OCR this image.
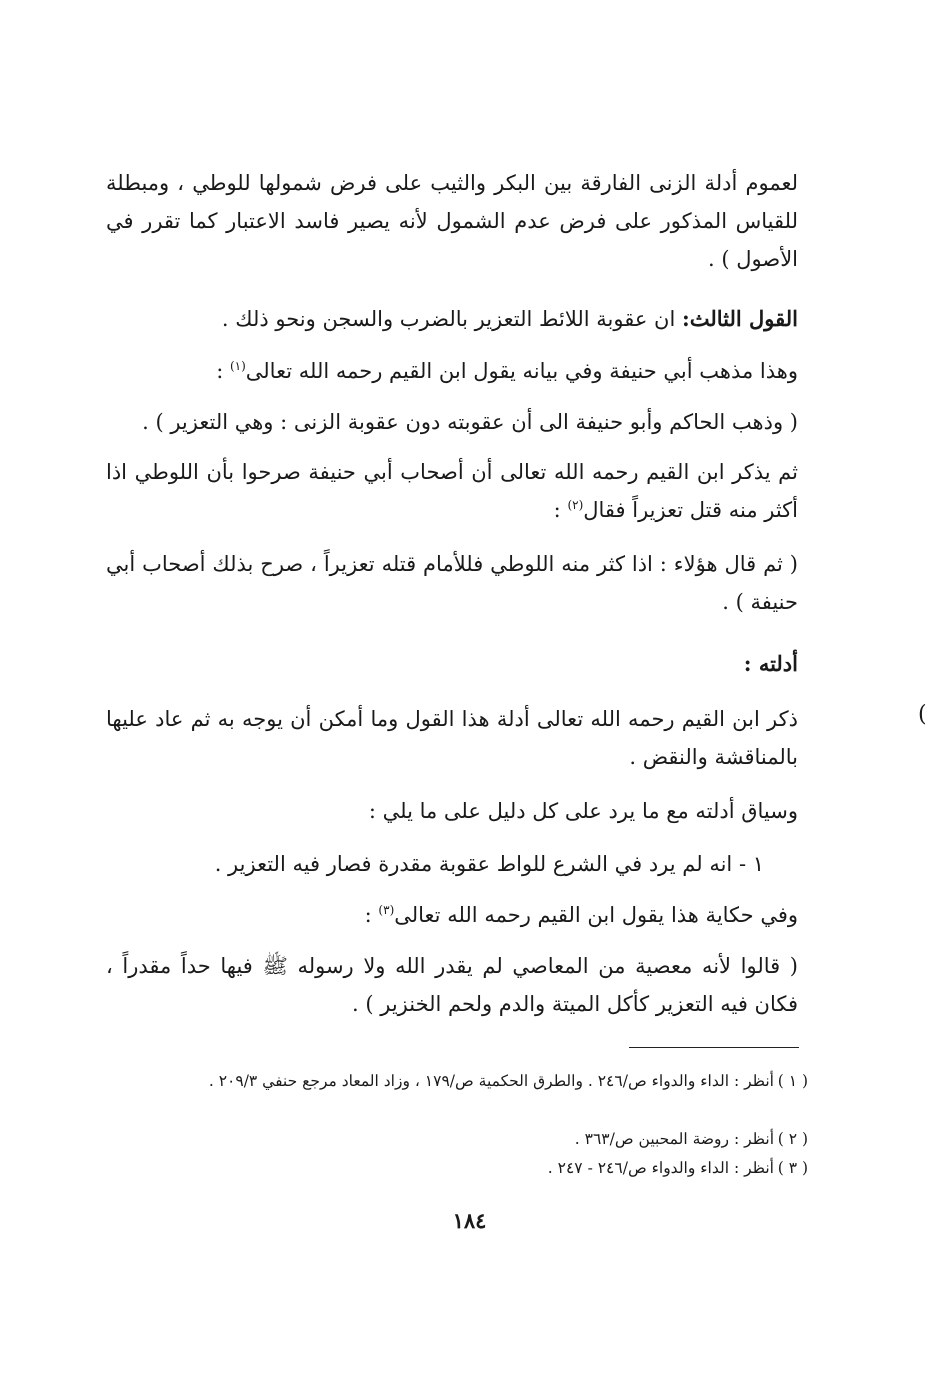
لعموم أدلة الزنى الفارقة بين البكر والثيب على فرض شمولها للوطي ، ومبطلة للقياس المذكور على فرض عدم الشمول لأنه يصير فاسد الاعتبار كما تقرر في الأصول ) .
القول الثالث: ان عقوبة اللائط التعزير بالضرب والسجن ونحو ذلك .
وهذا مذهب أبي حنيفة وفي بيانه يقول ابن القيم رحمه الله تعالى$^{(١)}$ :
( وذهب الحاكم وأبو حنيفة الى أن عقوبته دون عقوبة الزنى : وهي التعزير ) .
ثم يذكر ابن القيم رحمه الله تعالى أن أصحاب أبي حنيفة صرحوا بأن اللوطي اذا أكثر منه قتل تعزيراً فقال$^{(٢)}$ :
( ثم قال هؤلاء : اذا كثر منه اللوطي فللأمام قتله تعزيراً ، صرح بذلك أصحاب أبي حنيفة ) .
أدلته :
ذكر ابن القيم رحمه الله تعالى أدلة هذا القول وما أمكن أن يوجه به ثم عاد عليها بالمناقشة والنقض .
(
وسياق أدلته مع ما يرد على كل دليل على ما يلي :
١ - انه لم يرد في الشرع للواط عقوبة مقدرة فصار فيه التعزير .
وفي حكاية هذا يقول ابن القيم رحمه الله تعالى$^{(٣)}$ :
( قالوا لأنه معصية من المعاصي لم يقدر الله ولا رسوله ﷺ فيها حداً مقدراً ، فكان فيه التعزير كأكل الميتة والدم ولحم الخنزير ) .
( ١ )أنظر : الداء والدواء ص/٢٤٦ . والطرق الحكمية ص/١٧٩ ، وزاد المعاد مرجع حنفي ٢٠٩/٣ .
( ٢ )أنظر : روضة المحبين ص/٣٦٣ .
( ٣ )أنظر : الداء والدواء ص/٢٤٦ - ٢٤٧ .
١٨٤
